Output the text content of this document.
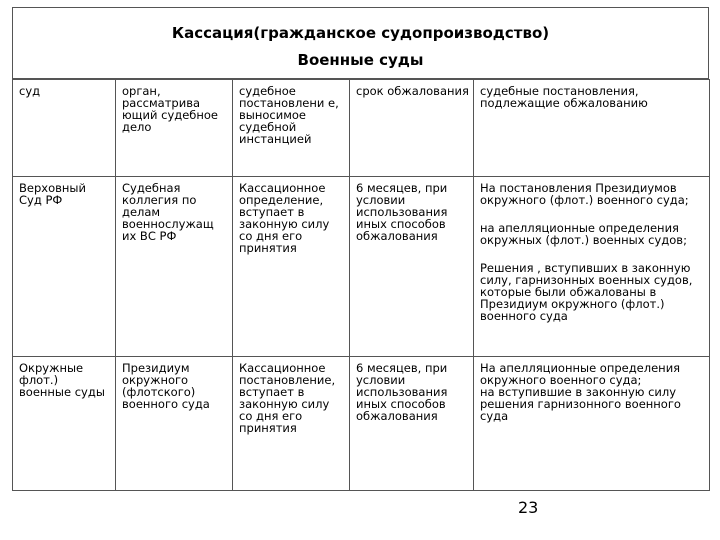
Кассация(гражданское судопроизводство)
Военные суды
суд	орган, рассматрива ющий судебное дело	судебное постановлени е, выносимое судебной инстанцией	срок обжалования	судебные постановления, подлежащие обжалованию
Верховный Суд РФ	Судебная коллегия по делам военнослужащ их ВС РФ	Кассационное определение, вступает в законную силу со дня его принятия	6 месяцев, при условии использования иных способов обжалования	На постановления Президиумов окружного (флот.) военного суда;
на апелляционные определения окружных (флот.) военных судов;
Решения , вступивших в законную силу, гарнизонных военных судов, которые были обжалованы в Президиум окружного (флот.) военного суда

Окружные флот.) военные суды	Президиум окружного (флотского) военного суда	Кассационное постановление, вступает в законную силу со дня его принятия	6 месяцев, при условии использования иных способов обжалования	На апелляционные определения окружного военного суда;
на вступившие в законную силу решения гарнизонного военного суда
23
